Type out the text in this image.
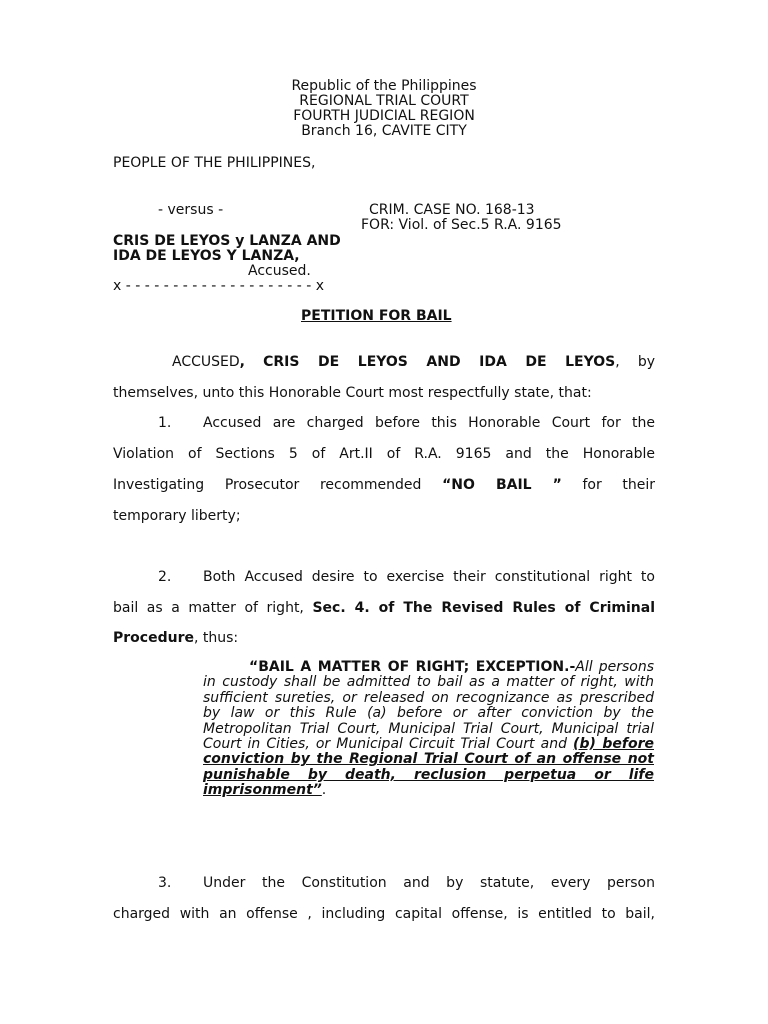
Republic of the Philippines
REGIONAL TRIAL COURT
FOURTH JUDICIAL REGION
Branch 16, CAVITE CITY
PEOPLE OF THE PHILIPPINES,
- versus -	CRIM. CASE NO. 168-13
FOR: Viol. of Sec.5 R.A. 9165
CRIS DE LEYOS y LANZA AND
IDA DE LEYOS Y LANZA,
Accused.
x - - - - - - - - - - - - - - - - - - - - x
PETITION FOR BAIL
ACCUSED, CRIS DE LEYOS AND IDA DE LEYOS, by
themselves, unto this Honorable Court most respectfully state, that:
1. Accused are charged before this Honorable Court for the
Violation of Sections 5 of Art.II of R.A. 9165 and the Honorable
Investigating Prosecutor recommended “NO BAIL ” for their
temporary liberty;
2. Both Accused desire to exercise their constitutional right to
bail as a matter of right, Sec. 4. of The Revised Rules of Criminal
Procedure, thus:
“BAIL A MATTER OF RIGHT; EXCEPTION.-All persons in custody shall be admitted to bail as a matter of right, with sufficient sureties, or released on recognizance as prescribed by law or this Rule (a) before or after conviction by the Metropolitan Trial Court, Municipal Trial Court, Municipal trial Court in Cities, or Municipal Circuit Trial Court and (b) before conviction by the Regional Trial Court of an offense not punishable by death, reclusion perpetua or life imprisonment”.
3. Under the Constitution and by statute, every person
charged with an offense , including capital offense, is entitled to bail,
